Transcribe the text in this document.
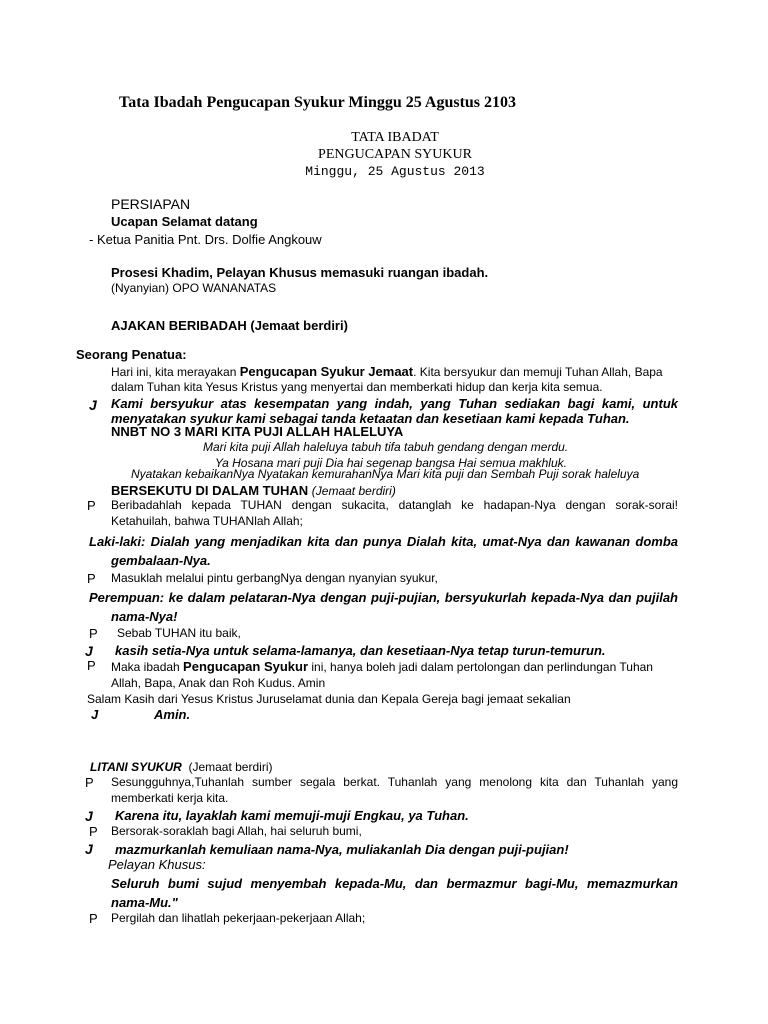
Tata Ibadah Pengucapan Syukur Minggu 25 Agustus 2103
TATA IBADAT
PENGUCAPAN SYUKUR
Minggu, 25 Agustus 2013
PERSIAPAN
Ucapan Selamat datang
- Ketua Panitia Pnt. Drs. Dolfie Angkouw
Prosesi Khadim, Pelayan Khusus memasuki ruangan ibadah.
(Nyanyian) OPO WANANATAS
AJAKAN BERIBADAH (Jemaat berdiri)
Seorang Penatua:
Hari ini, kita merayakan Pengucapan Syukur Jemaat. Kita bersyukur dan memuji Tuhan Allah, Bapa
dalam Tuhan kita Yesus Kristus yang menyertai dan memberkati hidup dan kerja kita semua.
J Kami bersyukur atas kesempatan yang indah, yang Tuhan sediakan bagi kami, untuk
menyatakan syukur kami sebagai tanda ketaatan dan kesetiaan kami kepada Tuhan.
NNBT NO 3 MARI KITA PUJI ALLAH HALELUYA
Mari kita puji Allah haleluya tabuh tifa tabuh gendang dengan merdu.
Ya Hosana mari puji Dia hai segenap bangsa Hai semua makhluk.
Nyatakan kebaikanNya Nyatakan kemurahanNya Mari kita puji dan Sembah Puji sorak haleluya
BERSEKUTU DI DALAM TUHAN (Jemaat berdiri)
P Beribadahlah kepada TUHAN dengan sukacita, datanglah ke hadapan-Nya dengan sorak-sorai!
Ketahuilah, bahwa TUHANlah Allah;
Laki-laki: Dialah yang menjadikan kita dan punya Dialah kita, umat-Nya dan kawanan domba
gembalaan-Nya.
P Masuklah melalui pintu gerbangNya dengan nyanyian syukur,
Perempuan: ke dalam pelataran-Nya dengan puji-pujian, bersyukurlah kepada-Nya dan pujilah
nama-Nya!
P Sebab TUHAN itu baik,
J kasih setia-Nya untuk selama-lamanya, dan kesetiaan-Nya tetap turun-temurun.
P Maka ibadah Pengucapan Syukur ini, hanya boleh jadi dalam pertolongan dan perlindungan Tuhan
Allah, Bapa, Anak dan Roh Kudus. Amin
Salam Kasih dari Yesus Kristus Juruselamat dunia dan Kepala Gereja bagi jemaat sekalian
J	Amin.
LITANI SYUKUR (Jemaat berdiri)
P Sesungguhnya,Tuhanlah sumber segala berkat. Tuhanlah yang menolong kita dan Tuhanlah yang
memberkati kerja kita.
J Karena itu, layaklah kami memuji-muji Engkau, ya Tuhan.
P Bersorak-soraklah bagi Allah, hai seluruh bumi,
J mazmurkanlah kemuliaan nama-Nya, muliakanlah Dia dengan puji-pujian!
Pelayan Khusus:
Seluruh bumi sujud menyembah kepada-Mu, dan bermazmur bagi-Mu, memazmurkan
nama-Mu."
P Pergilah dan lihatlah pekerjaan-pekerjaan Allah;
